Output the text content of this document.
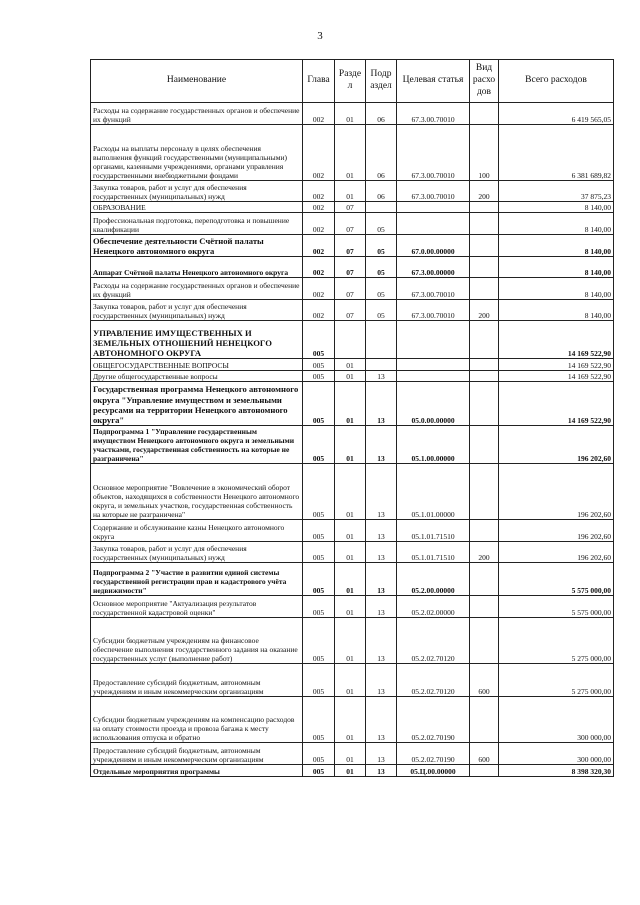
3
Наименование	Глава	Разде л	Подр аздел	Целевая статья	Вид расхо дов	Всего расходов
Расходы на содержание государственных органов и обеспечение их функций	002	01	06	67.3.00.70010		6 419 565,05
Расходы на выплаты персоналу в целях обеспечения выполнения функций государственными (муниципальными) органами, казенными учреждениями, органами управления государственными внебюджетными фондами	002	01	06	67.3.00.70010	100	6 381 689,82
Закупка товаров, работ и услуг для обеспечения государственных (муниципальных) нужд	002	01	06	67.3.00.70010	200	37 875,23
ОБРАЗОВАНИЕ	002	07				8 140,00
Профессиональная подготовка, переподготовка и повышение квалификации	002	07	05			8 140,00
Обеспечение деятельности Счётной палаты Ненецкого автономного округа	002	07	05	67.0.00.00000		8 140,00
Аппарат Счётной палаты Ненецкого автономного округа	002	07	05	67.3.00.00000		8 140,00
Расходы на содержание государственных органов и обеспечение их функций	002	07	05	67.3.00.70010		8 140,00
Закупка товаров, работ и услуг для обеспечения государственных (муниципальных) нужд	002	07	05	67.3.00.70010	200	8 140,00
УПРАВЛЕНИЕ ИМУЩЕСТВЕННЫХ И ЗЕМЕЛЬНЫХ ОТНОШЕНИЙ НЕНЕЦКОГО АВТОНОМНОГО ОКРУГА	005					14 169 522,90
ОБЩЕГОСУДАРСТВЕННЫЕ ВОПРОСЫ	005	01				14 169 522,90
Другие общегосударственные вопросы	005	01	13			14 169 522,90
Государственная программа Ненецкого автономного округа "Управление имуществом и земельными ресурсами на территории Ненецкого автономного округа"	005	01	13	05.0.00.00000		14 169 522,90
Подпрограмма 1 "Управление государственным имуществом Ненецкого автономного округа и земельными участками, государственная собственность на которые не разграничена"	005	01	13	05.1.00.00000		196 202,60
Основное мероприятие "Вовлечение в экономический оборот объектов, находящихся в собственности Ненецкого автономного округа, и земельных участков, государственная собственность на которые не разграничена"	005	01	13	05.1.01.00000		196 202,60
Содержание и обслуживание казны Ненецкого автономного округа	005	01	13	05.1.01.71510		196 202,60
Закупка товаров, работ и услуг для обеспечения государственных (муниципальных) нужд	005	01	13	05.1.01.71510	200	196 202,60
Подпрограмма 2 "Участие в развитии единой системы государственной регистрации прав и кадастрового учёта недвижимости"	005	01	13	05.2.00.00000		5 575 000,00
Основное мероприятие "Актуализация результатов государственной кадастровой оценки"	005	01	13	05.2.02.00000		5 575 000,00
Субсидии бюджетным учреждениям на финансовое обеспечение выполнения государственного задания на оказание государственных услуг (выполнение работ)	005	01	13	05.2.02.70120		5 275 000,00
Предоставление субсидий бюджетным, автономным учреждениям и иным некоммерческим организациям	005	01	13	05.2.02.70120	600	5 275 000,00
Субсидии бюджетным учреждениям на компенсацию расходов на оплату стоимости проезда и провоза багажа к месту использования отпуска и обратно	005	01	13	05.2.02.70190		300 000,00
Предоставление субсидий бюджетным, автономным учреждениям и иным некоммерческим организациям	005	01	13	05.2.02.70190	600	300 000,00
Отдельные мероприятия программы	005	01	13	05.Ц.00.00000		8 398 320,30
